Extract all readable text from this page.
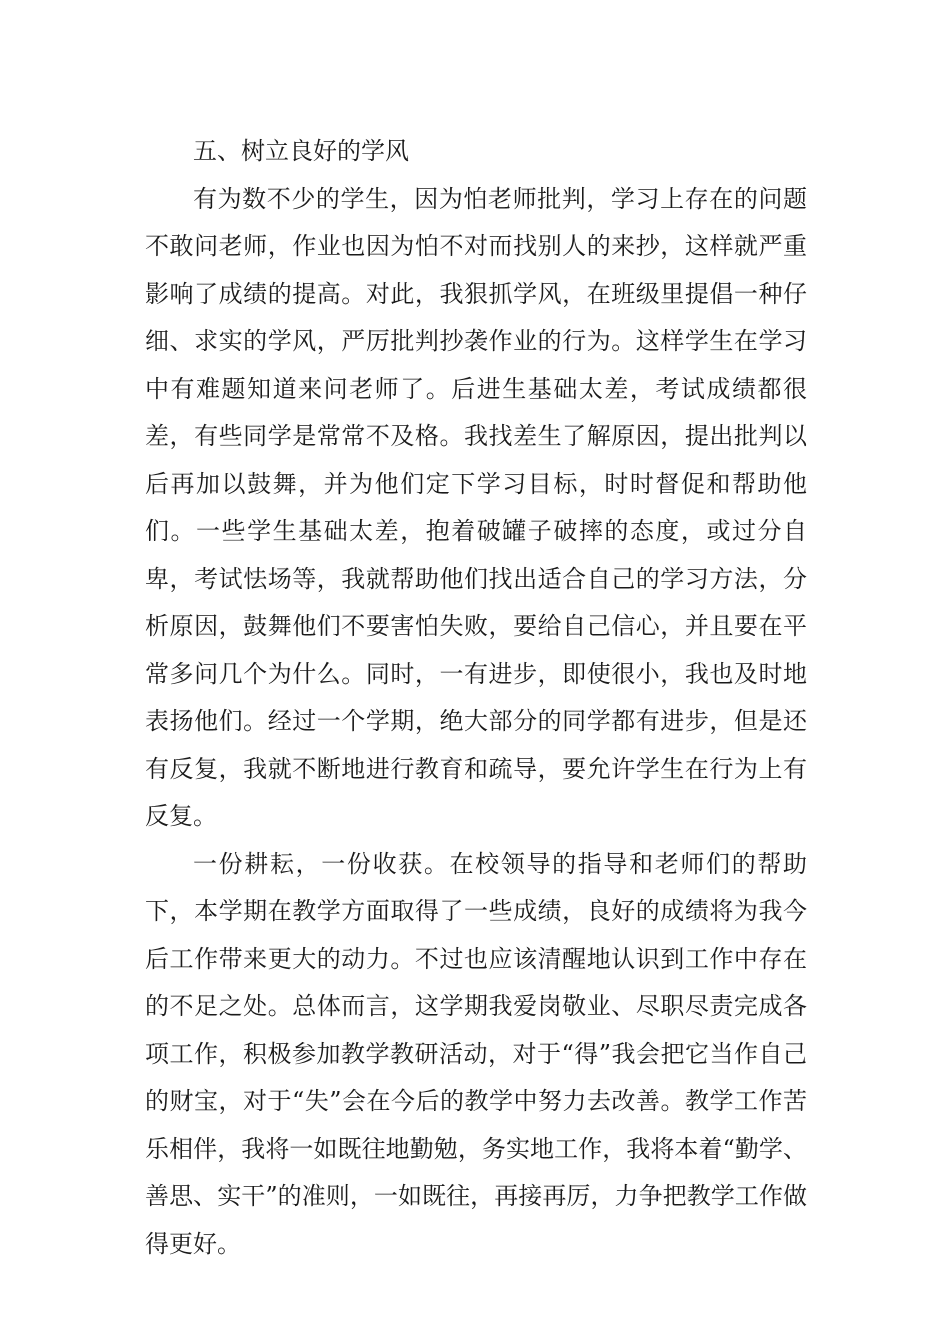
五、树立良好的学风

有为数不少的学生，因为怕老师批判，学习上存在的问题不敢问老师，作业也因为怕不对而找别人的来抄，这样就严重影响了成绩的提高。对此，我狠抓学风，在班级里提倡一种仔细、求实的学风，严厉批判抄袭作业的行为。这样学生在学习中有难题知道来问老师了。后进生基础太差，考试成绩都很差，有些同学是常常不及格。我找差生了解原因，提出批判以后再加以鼓舞，并为他们定下学习目标，时时督促和帮助他们。一些学生基础太差，抱着破罐子破摔的态度，或过分自卑，考试怯场等，我就帮助他们找出适合自己的学习方法，分析原因，鼓舞他们不要害怕失败，要给自己信心，并且要在平常多问几个为什么。同时，一有进步，即使很小，我也及时地表扬他们。经过一个学期，绝大部分的同学都有进步，但是还有反复，我就不断地进行教育和疏导，要允许学生在行为上有反复。

一份耕耘，一份收获。在校领导的指导和老师们的帮助下，本学期在教学方面取得了一些成绩，良好的成绩将为我今后工作带来更大的动力。不过也应该清醒地认识到工作中存在的不足之处。总体而言，这学期我爱岗敬业、尽职尽责完成各项工作，积极参加教学教研活动，对于“得”我会把它当作自己的财宝，对于“失”会在今后的教学中努力去改善。教学工作苦乐相伴，我将一如既往地勤勉，务实地工作，我将本着“勤学、善思、实干”的准则，一如既往，再接再厉，力争把教学工作做得更好。
